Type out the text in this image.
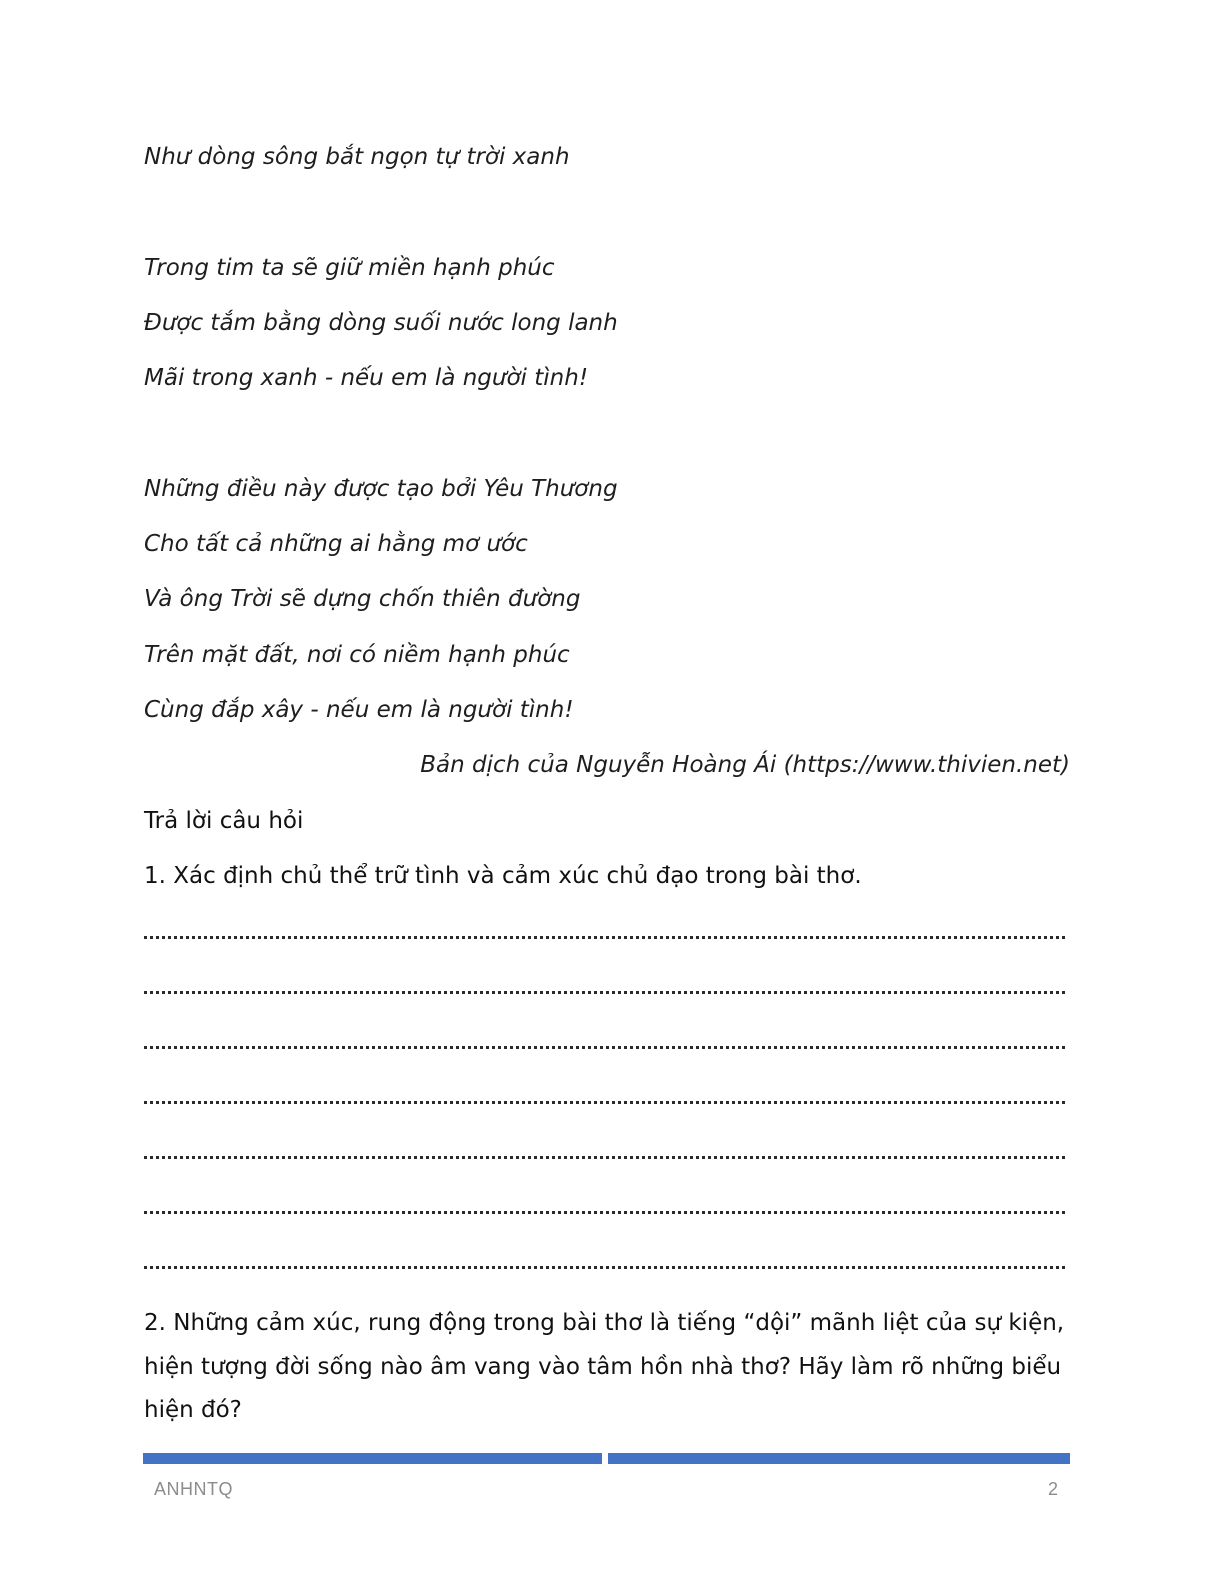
Như dòng sông bắt ngọn tự trời xanh

Trong tim ta sẽ giữ miền hạnh phúc

Được tắm bằng dòng suối nước long lanh

Mãi trong xanh - nếu em là người tình!

Những điều này được tạo bởi Yêu Thương

Cho tất cả những ai hằng mơ ước

Và ông Trời sẽ dựng chốn thiên đường

Trên mặt đất, nơi có niềm hạnh phúc

Cùng đắp xây - nếu em là người tình!

Bản dịch của Nguyễn Hoàng Ái (https://www.thivien.net)

Trả lời câu hỏi

1. Xác định chủ thể trữ tình và cảm xúc chủ đạo trong bài thơ.

2. Những cảm xúc, rung động trong bài thơ là tiếng “dội” mãnh liệt của sự kiện, hiện tượng đời sống nào âm vang vào tâm hồn nhà thơ? Hãy làm rõ những biểu hiện đó?

ANHNTQ	2
